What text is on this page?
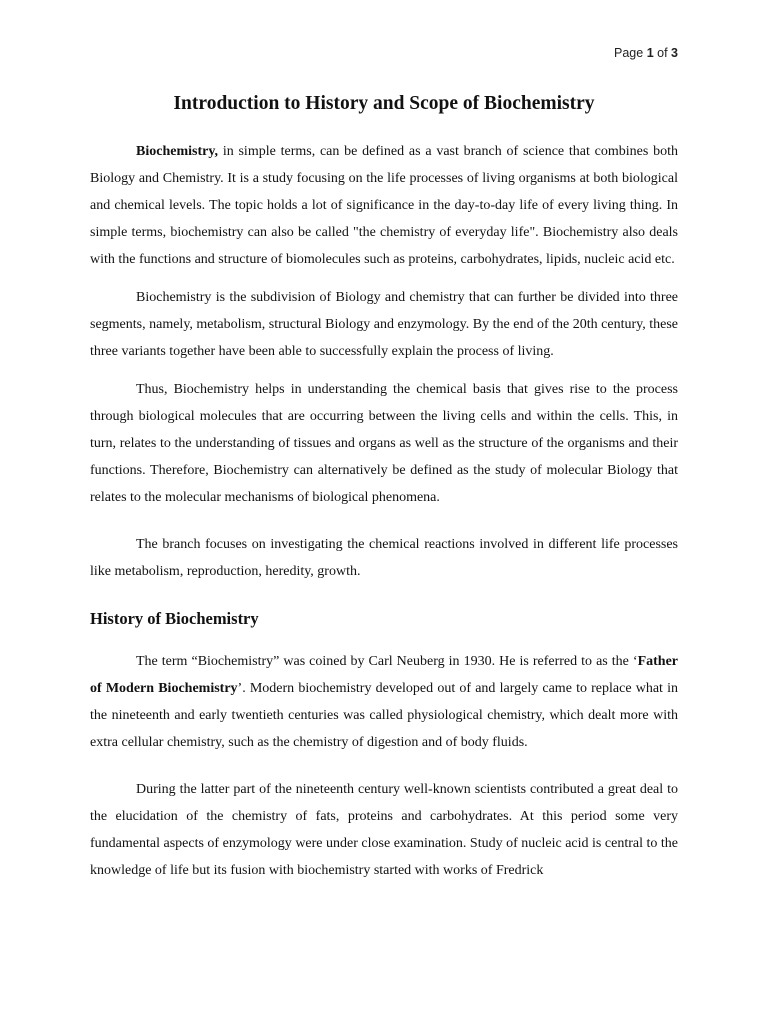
Page 1 of 3
Introduction to History and Scope of Biochemistry

Biochemistry, in simple terms, can be defined as a vast branch of science that combines both Biology and Chemistry. It is a study focusing on the life processes of living organisms at both biological and chemical levels. The topic holds a lot of significance in the day-to-day life of every living thing. In simple terms, biochemistry can also be called "the chemistry of everyday life". Biochemistry also deals with the functions and structure of biomolecules such as proteins, carbohydrates, lipids, nucleic acid etc.

Biochemistry is the subdivision of Biology and chemistry that can further be divided into three segments, namely, metabolism, structural Biology and enzymology. By the end of the 20th century, these three variants together have been able to successfully explain the process of living.

Thus, Biochemistry helps in understanding the chemical basis that gives rise to the process through biological molecules that are occurring between the living cells and within the cells. This, in turn, relates to the understanding of tissues and organs as well as the structure of the organisms and their functions. Therefore, Biochemistry can alternatively be defined as the study of molecular Biology that relates to the molecular mechanisms of biological phenomena.

The branch focuses on investigating the chemical reactions involved in different life processes like metabolism, reproduction, heredity, growth.

History of Biochemistry

The term “Biochemistry” was coined by Carl Neuberg in 1930. He is referred to as the ‘Father of Modern Biochemistry’. Modern biochemistry developed out of and largely came to replace what in the nineteenth and early twentieth centuries was called physiological chemistry, which dealt more with extra cellular chemistry, such as the chemistry of digestion and of body fluids.

During the latter part of the nineteenth century well-known scientists contributed a great deal to the elucidation of the chemistry of fats, proteins and carbohydrates. At this period some very fundamental aspects of enzymology were under close examination. Study of nucleic acid is central to the knowledge of life but its fusion with biochemistry started with works of Fredrick
